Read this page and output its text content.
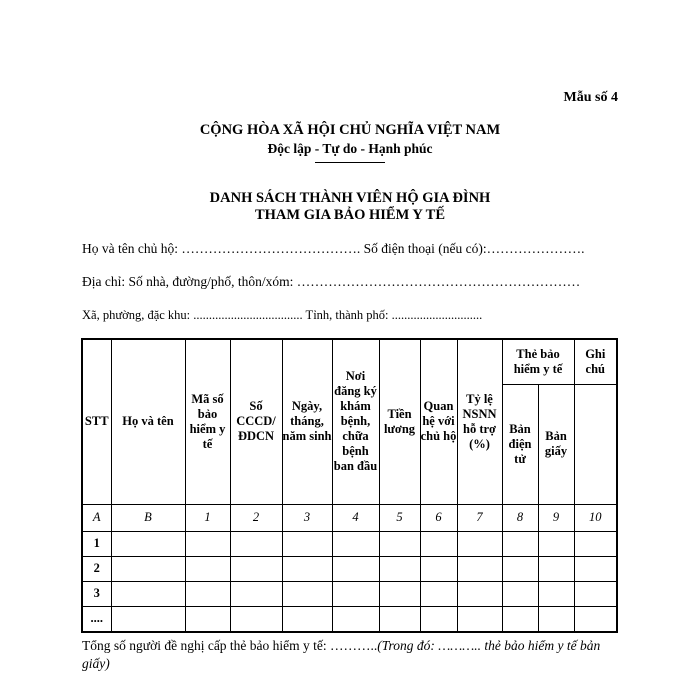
Mẫu số 4
CỘNG HÒA XÃ HỘI CHỦ NGHĨA VIỆT NAM
Độc lập - Tự do - Hạnh phúc
DANH SÁCH THÀNH VIÊN HỘ GIA ĐÌNH
THAM GIA BẢO HIỂM Y TẾ
Họ và tên chủ hộ: …………………………………. Số điện thoại (nếu có):………………….
Địa chỉ: Số nhà, đường/phố, thôn/xóm: ………………………………………………………
Xã, phường, đặc khu: ................................... Tỉnh, thành phố: .............................
STT	Họ và tên	Mã số bảo hiểm y tế	Số CCCD/ ĐDCN	Ngày, tháng, năm sinh	Nơi đăng ký khám bệnh, chữa bệnh ban đầu	Tiền lương	Quan hệ với chủ hộ	Tỷ lệ NSNN hỗ trợ (%)	Thẻ bảo hiểm y tế		Ghi chú
									Bản điện tử	Bản giấy	
A	B	1	2	3	4	5	6	7	8	9	10
1											
2											
3											
....											
Tổng số người đề nghị cấp thẻ bảo hiểm y tế: ………..(Trong đó: ……….. thẻ bảo hiểm y tế bản giấy)
